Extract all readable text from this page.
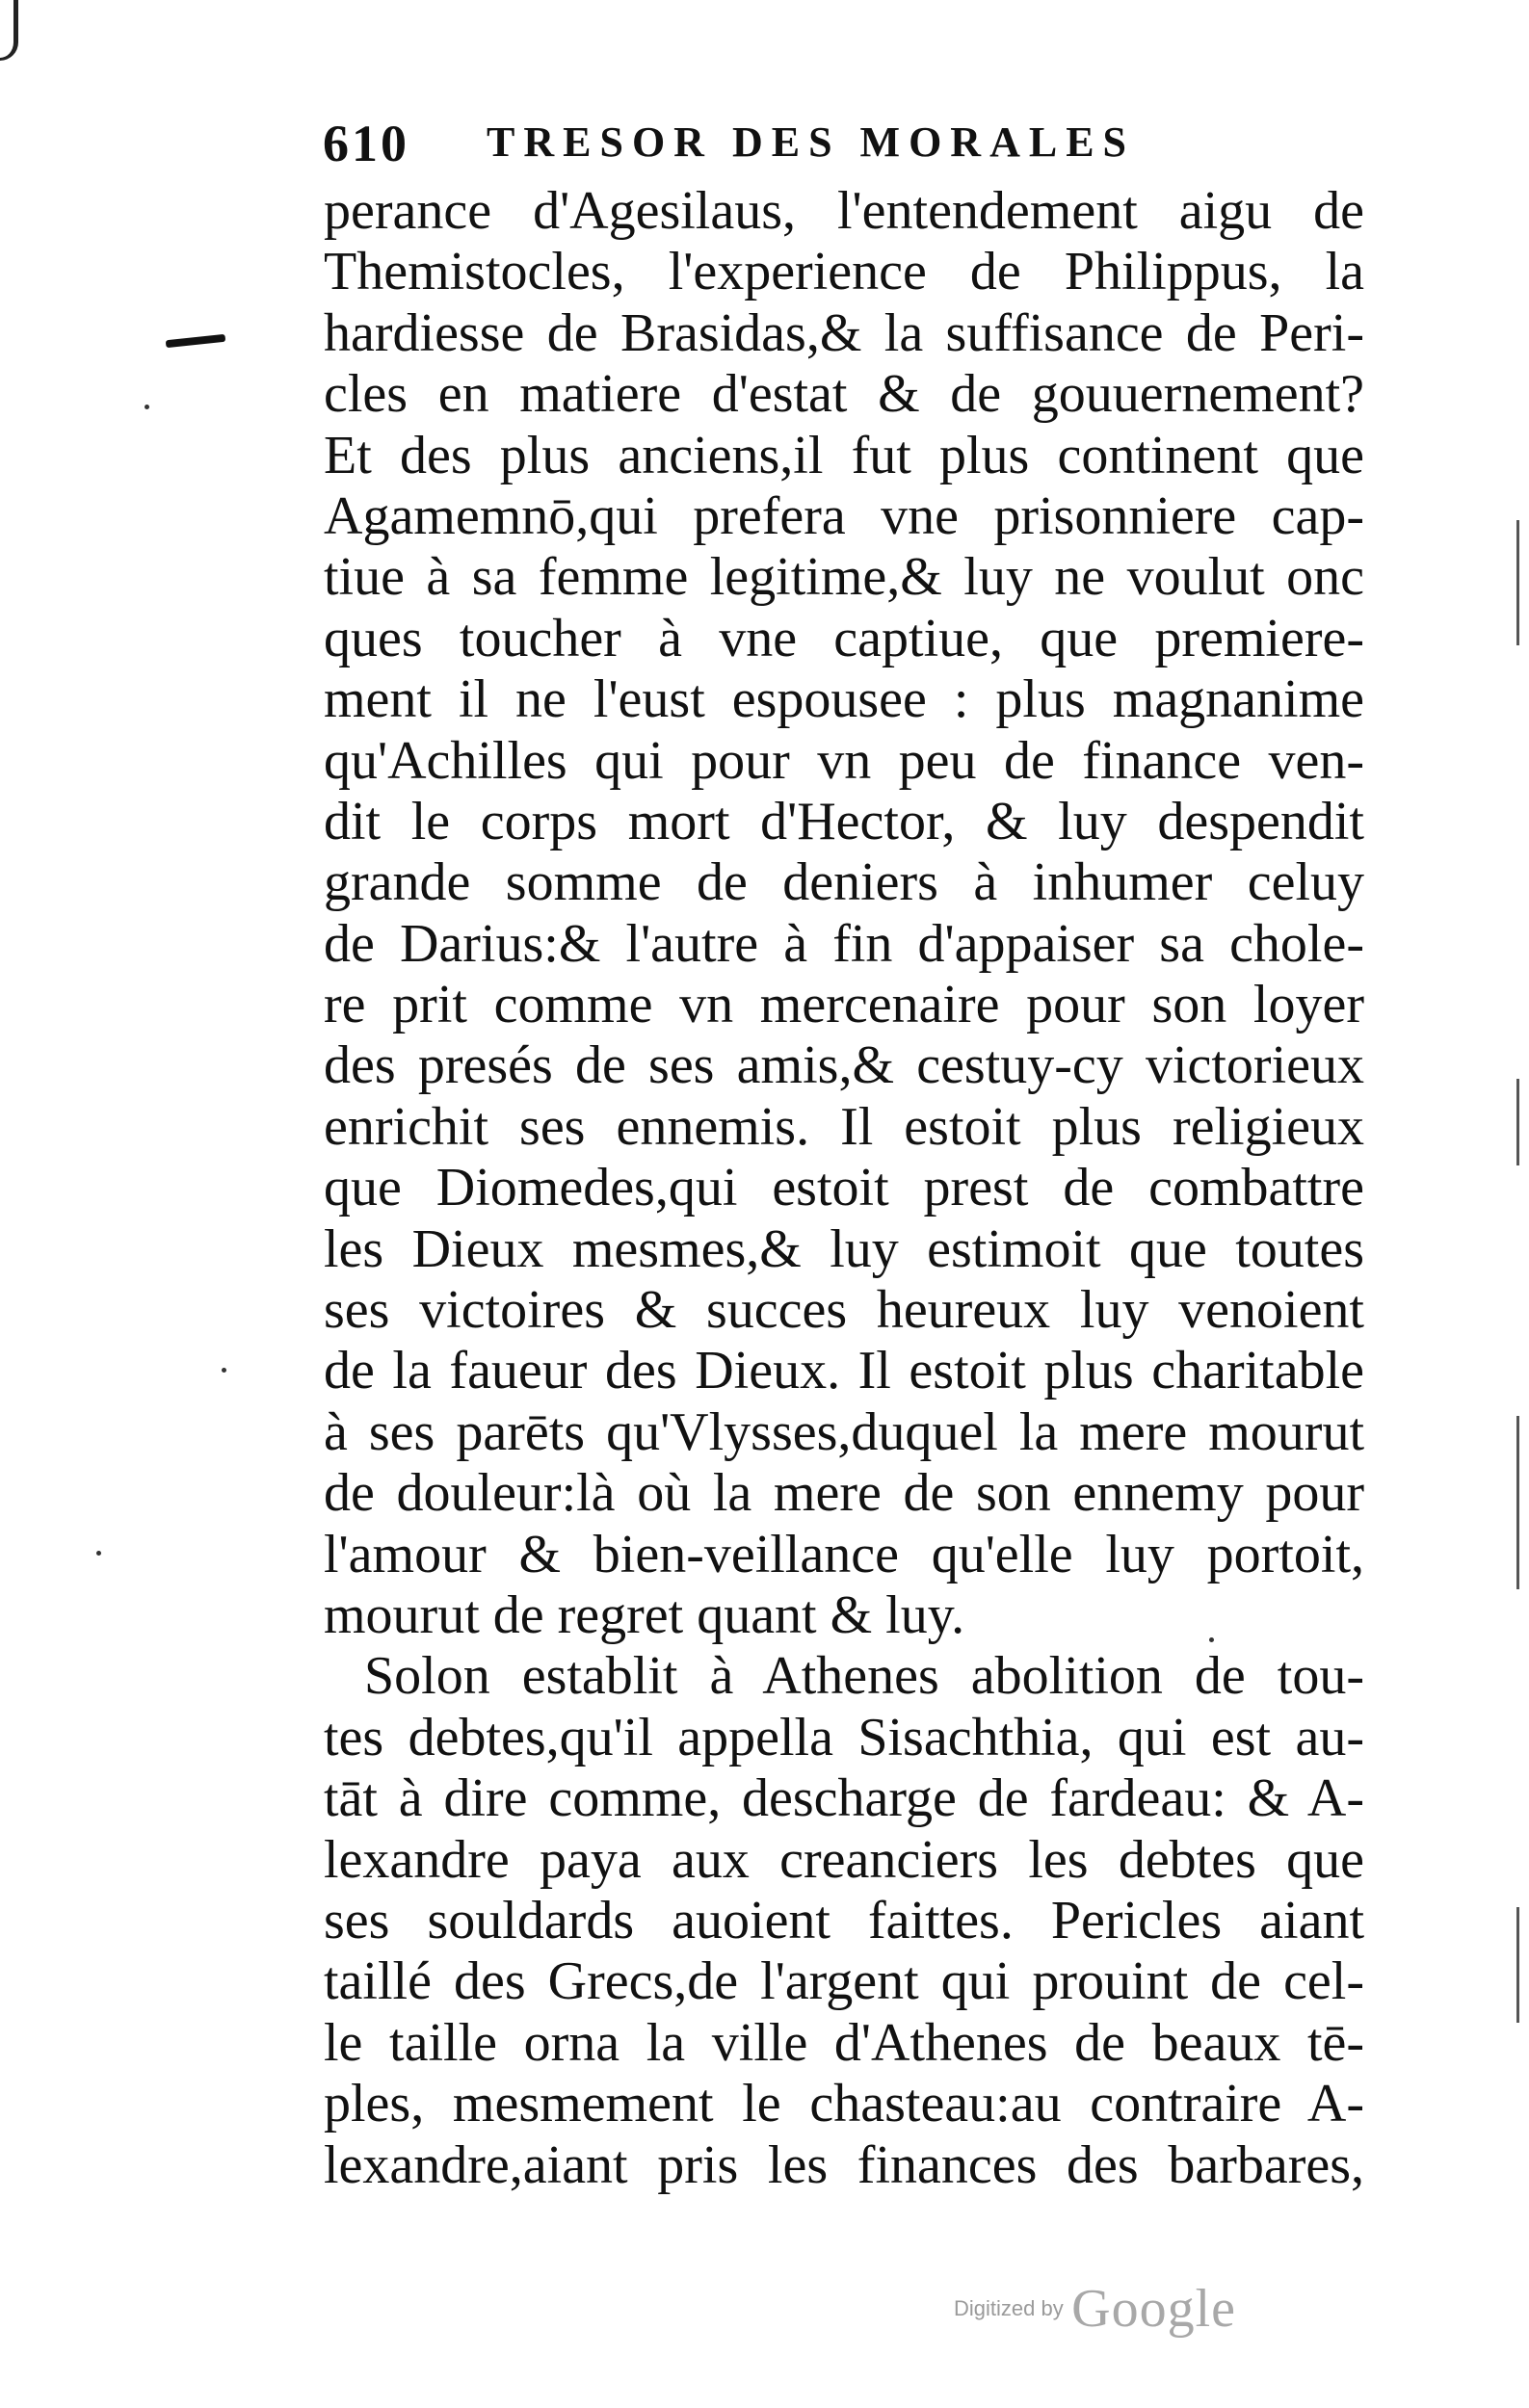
610 TRESOR DES MORALES
perance d'Agesilaus, l'entendement aigu de
Themistocles, l'experience de Philippus, la
hardiesse de Brasidas,& la suffisance de Peri-
cles en matiere d'estat & de gouuernement?
Et des plus anciens,il fut plus continent que
Agamemnō,qui prefera vne prisonniere cap-
tiue à sa femme legitime,& luy ne voulut onc
ques toucher à vne captiue, que premiere-
ment il ne l'eust espousee : plus magnanime
qu'Achilles qui pour vn peu de finance ven-
dit le corps mort d'Hector, & luy despendit
grande somme de deniers à inhumer celuy
de Darius:& l'autre à fin d'appaiser sa chole-
re prit comme vn mercenaire pour son loyer
des presés de ses amis,& cestuy-cy victorieux
enrichit ses ennemis. Il estoit plus religieux
que Diomedes,qui estoit prest de combattre
les Dieux mesmes,& luy estimoit que toutes
ses victoires & succes heureux luy venoient
de la faueur des Dieux. Il estoit plus charitable
à ses parēts qu'Vlysses,duquel la mere mourut
de douleur:là où la mere de son ennemy pour
l'amour & bien-veillance qu'elle luy portoit,
mourut de regret quant & luy.
Solon establit à Athenes abolition de tou-
tes debtes,qu'il appella Sisachthia, qui est au-
tāt à dire comme, descharge de fardeau: & A-
lexandre paya aux creanciers les debtes que
ses souldards auoient faittes. Pericles aiant
taillé des Grecs,de l'argent qui prouint de cel-
le taille orna la ville d'Athenes de beaux tē-
ples, mesmement le chasteau:au contraire A-
lexandre,aiant pris les finances des barbares,
Digitized by Google
